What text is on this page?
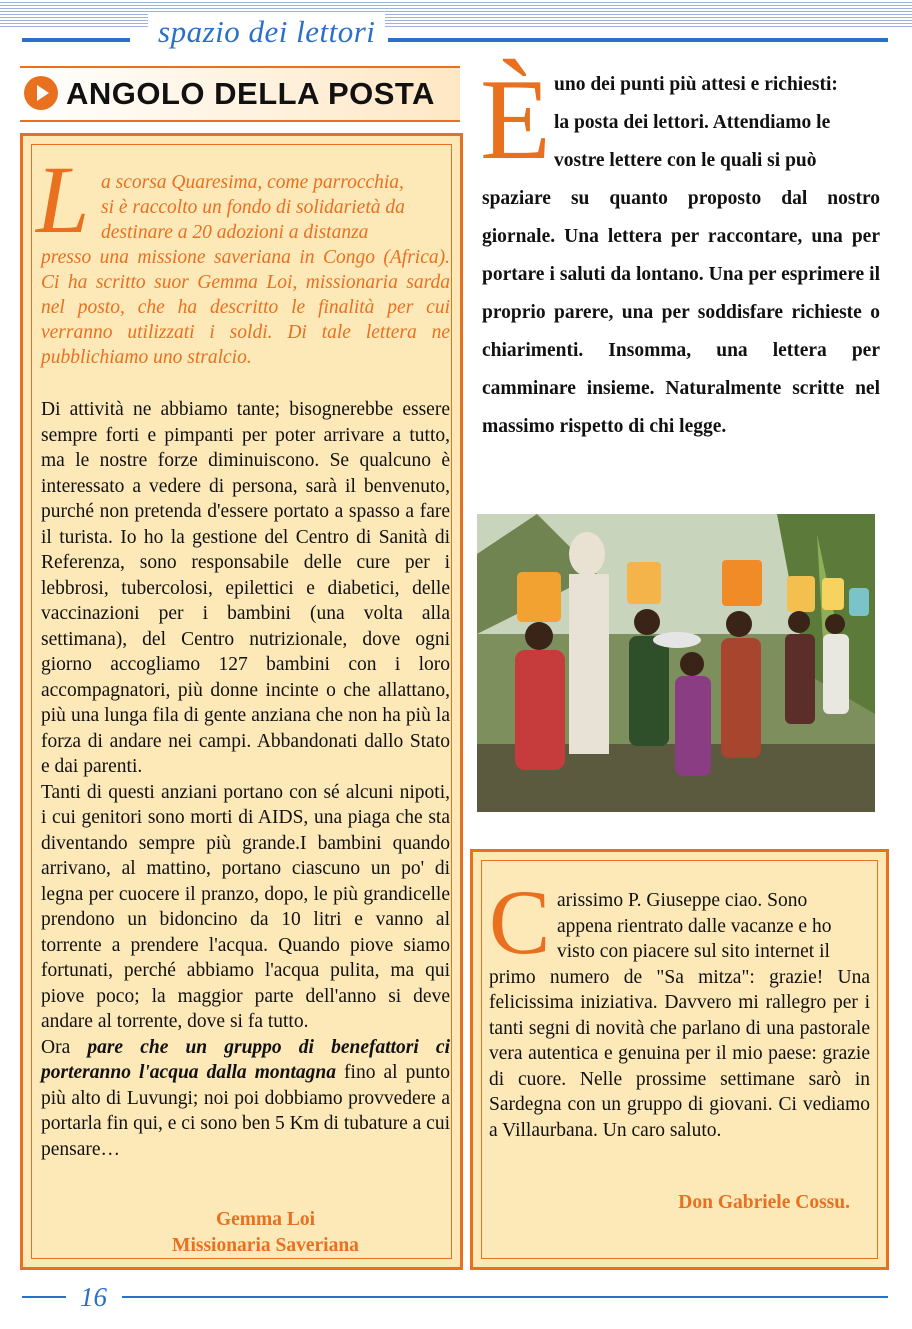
spazio dei lettori
ANGOLO DELLA POSTA
L a scorsa Quaresima, come parrocchia,
si è raccolto un fondo di solidarietà da
destinare a 20 adozioni a distanza
presso una missione saveriana in Congo (Africa). Ci ha scritto suor Gemma Loi, missionaria sarda nel posto, che ha descritto le finalità per cui verranno utilizzati i soldi. Di tale lettera ne pubblichiamo uno stralcio.

Di attività ne abbiamo tante; bisognerebbe essere sempre forti e pimpanti per poter arrivare a tutto, ma le nostre forze diminuiscono. Se qualcuno è interessato a vedere di persona, sarà il benvenuto, purché non pretenda d'essere portato a spasso a fare il turista. Io ho la gestione del Centro di Sanità di Referenza, sono responsabile delle cure per i lebbrosi, tubercolosi, epilettici e diabetici, delle vaccinazioni per i bambini (una volta alla settimana), del Centro nutrizionale, dove ogni giorno accogliamo 127 bambini con i loro accompagnatori, più donne incinte o che allattano, più una lunga fila di gente anziana che non ha più la forza di andare nei campi. Abbandonati dallo Stato e dai parenti.

Tanti di questi anziani portano con sé alcuni nipoti, i cui genitori sono morti di AIDS, una piaga che sta diventando sempre più grande.I bambini quando arrivano, al mattino, portano ciascuno un po' di legna per cuocere il pranzo, dopo, le più grandicelle prendono un bidoncino da 10 litri e vanno al torrente a prendere l'acqua. Quando piove siamo fortunati, perché abbiamo l'acqua pulita, ma qui piove poco; la maggior parte dell'anno si deve andare al torrente, dove si fa tutto.

Ora pare che un gruppo di benefattori ci porteranno l'acqua dalla montagna fino al punto più alto di Luvungi; noi poi dobbiamo provvedere a portarla fin qui, e ci sono ben 5 Km di tubature a cui pensare…

Gemma Loi
Missionaria Saveriana
È uno dei punti più attesi e richiesti:
la posta dei lettori. Attendiamo le
vostre lettere con le quali si può
spaziare su quanto proposto dal nostro giornale. Una lettera per raccontare, una per portare i saluti da lontano. Una per esprimere il proprio parere, una per soddisfare richieste o chiarimenti. Insomma, una lettera per camminare insieme. Naturalmente scritte nel massimo rispetto di chi legge.
C arissimo P. Giuseppe ciao. Sono
appena rientrato dalle vacanze e ho
visto con piacere sul sito internet il
primo numero de "Sa mitza": grazie! Una felicissima iniziativa. Davvero mi rallegro per i tanti segni di novità che parlano di una pastorale vera autentica e genuina per il mio paese: grazie di cuore. Nelle prossime settimane sarò in Sardegna con un gruppo di giovani. Ci vediamo a Villaurbana. Un caro saluto.
Don Gabriele Cossu.
16
